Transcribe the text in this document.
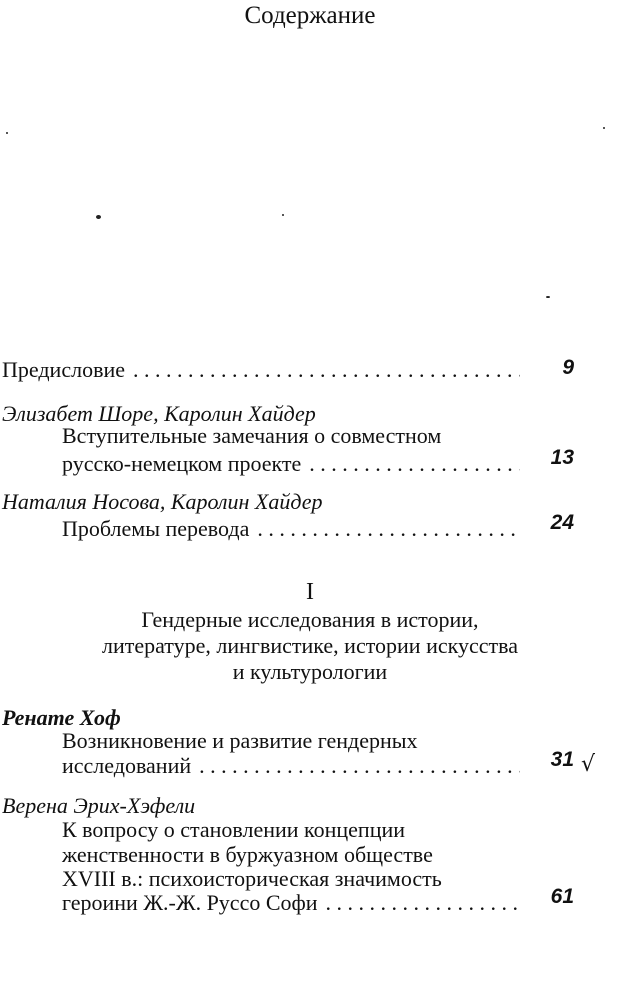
Содержание
Предисловие . . .	9
Элизабет Шоре, Каролин Хайдер
Вступительные замечания о совместном
русско-немецком проекте . . .	13
Наталия Носова, Каролин Хайдер
Проблемы перевода . . .	24
I
Гендерные исследования в истории,
литературе, лингвистике, истории искусства
и культурологии
Ренате Хоф
Возникновение и развитие гендерных
исследований . . .	31 √
Верена Эрих-Хэфели
К вопросу о становлении концепции
женственности в буржуазном обществе
XVIII в.: психоисторическая значимость
героини Ж.-Ж. Руссо Софи . . .	61
